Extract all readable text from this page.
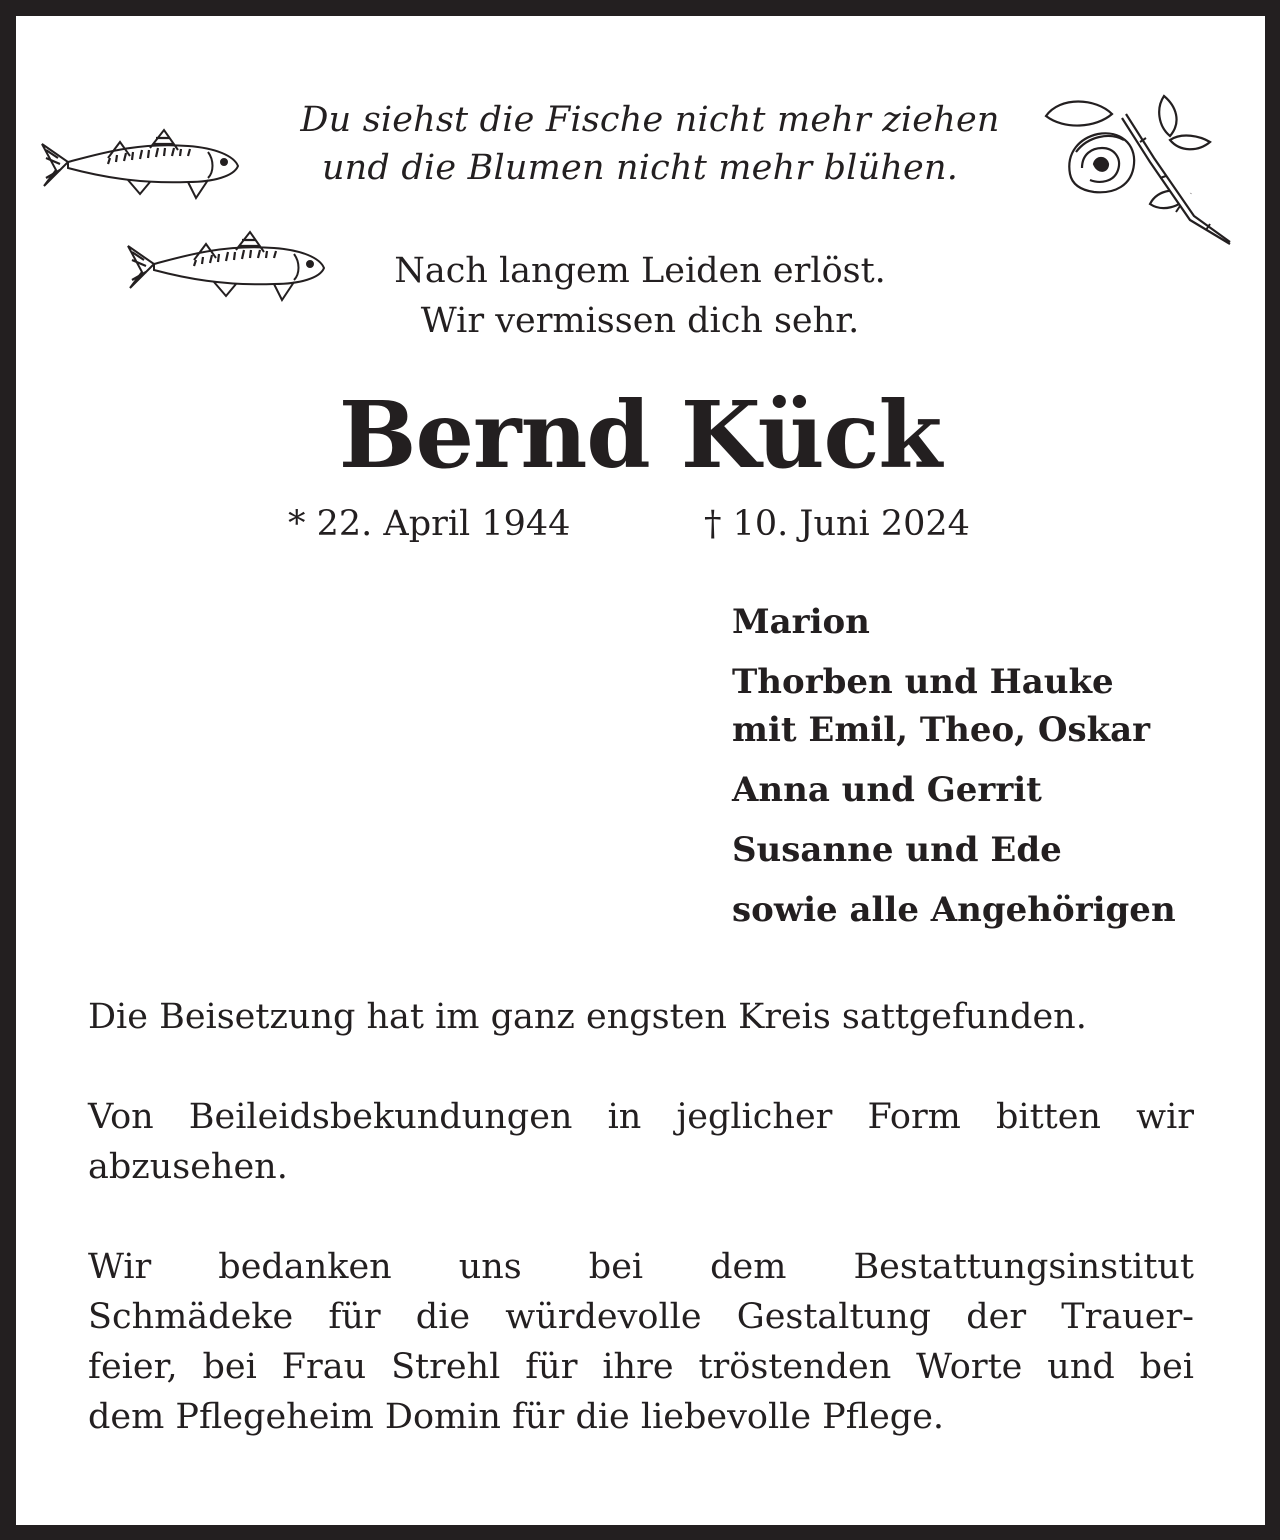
Du siehst die Fische nicht mehr ziehen
und die Blumen nicht mehr blühen.
Nach langem Leiden erlöst.
Wir vermissen dich sehr.
Bernd Kück
* 22. April 1944	† 10. Juni 2024
Marion
Thorben und Hauke
mit Emil, Theo, Oskar
Anna und Gerrit
Susanne und Ede
sowie alle Angehörigen
Die Beisetzung hat im ganz engsten Kreis sattgefunden.
Von Beileidsbekundungen in jeglicher Form bitten wir
abzusehen.
Wir bedanken uns bei dem Bestattungsinstitut
Schmädeke für die würdevolle Gestaltung der Trauer-
feier, bei Frau Strehl für ihre tröstenden Worte und bei
dem Pflegeheim Domin für die liebevolle Pflege.
